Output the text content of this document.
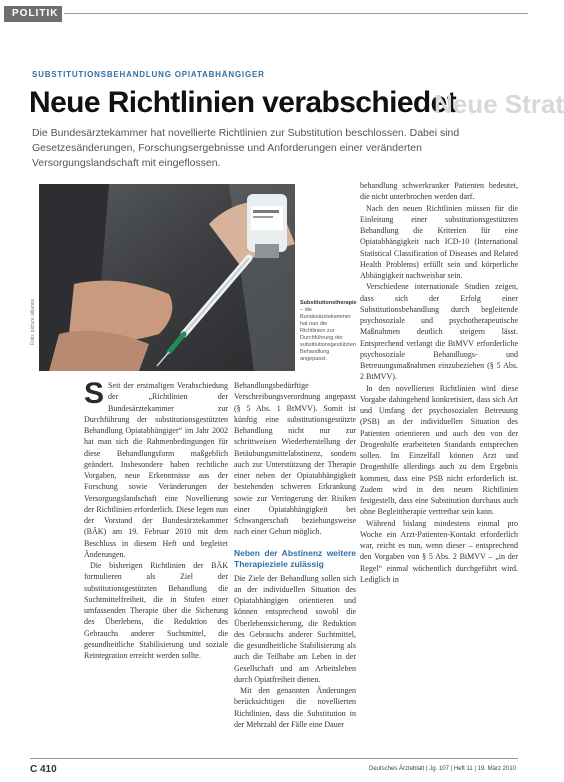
POLITIK
SUBSTITUTIONSBEHANDLUNG OPIATABHÄNGIGER
Neue Richtlinien verabschiedet
Neue Strat
Die Bundesärztekammer hat novellierte Richtlinien zur Substitution beschlossen. Dabei sind Gesetzesänderungen, Forschungsergebnisse und Anforderungen einer veränderten Versorgungslandschaft mit eingeflossen.
Foto: picture alliance	Substitutionstherapie – die Bundesärztekammer hat nun die Richtlinien zur Durchführung der substitutionsgestützten Behandlung angepasst.

S Seit der erstmaligen Verabschiedung der „Richtlinien der Bundesärztekammer zur Durchführung der substitutionsgestützten Behandlung Opiatabhängiger“ im Jahr 2002 hat man sich die Rahmenbedingungen für diese Behandlungsform maßgeblich geändert. Insbesondere haben rechtliche Vorgaben, neue Erkenntnisse aus der Forschung sowie Veränderungen der Versorgungslandschaft eine Novellierung der Richtlinien erforderlich. Diese legen nun der Vorstand der Bundesärztekammer (BÄK) am 19. Februar 2010 mit dem Beschluss in diesem Heft und begleitet Änderungen.

Die bisherigen Richtlinien der BÄK formulieren als Ziel der substitutionsgestützten Behandlung die Suchtmittelfreiheit, die in Stufen einer umfassenden Therapie über die Sicherung des Überlebens, die Reduktion des Gebrauchs anderer Suchtmittel, die gesundheitliche Stabilisierung und soziale Reintegration erreicht werden sollte.

Behandlungsbedürftige Verschreibungsverordnung angepasst (§ 5 Abs. 1 BtMVV). Somit ist künftig eine substitutionsgestützte Behandlung nicht nur zur schrittweisen Wiederherstellung der Betäubungsmittelabstinenz, sondern auch zur Unterstützung der Therapie einer neben der Opiatabhängigkeit bestehenden schweren Erkrankung sowie zur Verringerung der Risiken einer Opiatabhängigkeit bei Schwangerschaft beziehungsweise nach einer Geburt möglich.

Neben der Abstinenz weitere Therapieziele zulässig

Die Ziele der Behandlung sollen sich an der individuellen Situation des Opiatabhängigen orientieren und können entsprechend sowohl die Überlebenssicherung, die Reduktion des Gebrauchs anderer Suchtmittel, die gesundheitliche Stabilisierung als auch die Teilhabe am Leben in der Gesellschaft und am Arbeitsleben durch Opiatfreiheit dienen.

Mit den genannten Änderungen berücksichtigen die novellierten Richtlinien, dass die Substitution in der Mehrzahl der Fälle eine Dauer

behandlung schwerkranker Patienten bedeutet, die nicht unterbrochen werden darf.

Nach den neuen Richtlinien müssen für die Einleitung einer substitutionsgestützten Behandlung die Kriterien für eine Opiatabhängigkeit nach ICD-10 (International Statistical Classification of Diseases and Related Health Problems) erfüllt sein und körperliche Abhängigkeit nachweisbar sein.

Verschiedene internationale Studien zeigen, dass sich der Erfolg einer Substitutionsbehandlung durch begleitende psychosoziale und psychotherapeutische Maßnahmen deutlich steigern lässt. Entsprechend verlangt die BtMVV erforderliche psychosoziale Behandlungs- und Betreuungsmaßnahmen einzubeziehen (§ 5 Abs. 2 BtMVV).

In den novellierten Richtlinien wird diese Vorgabe dahingehend konkretisiert, dass sich Art und Umfang der psychosozialen Betreuung (PSB) an der individuellen Situation des Patienten orientieren und auch den von der Drogenhilfe erarbeiteten Standards entsprechen sollen. Im Einzelfall können Arzt und Drogenhilfe allerdings auch zu dem Ergebnis kommen, dass eine PSB nicht erforderlich ist. Zudem wird in den neuen Richtlinien festgestellt, dass eine Substitution durchaus auch ohne Begleittherapie vertretbar sein kann.

Während bislang mindestens einmal pro Woche ein Arzt-Patienten-Kontakt erforderlich war, reicht es nun, wenn dieser – entsprechend den Vorgaben von § 5 Abs. 2 BtMVV – „in der Regel“ einmal wöchentlich durchgeführt wird. Lediglich in

C 410	Deutsches Ärzteblatt | Jg. 107 | Heft 11 | 19. März 2010
